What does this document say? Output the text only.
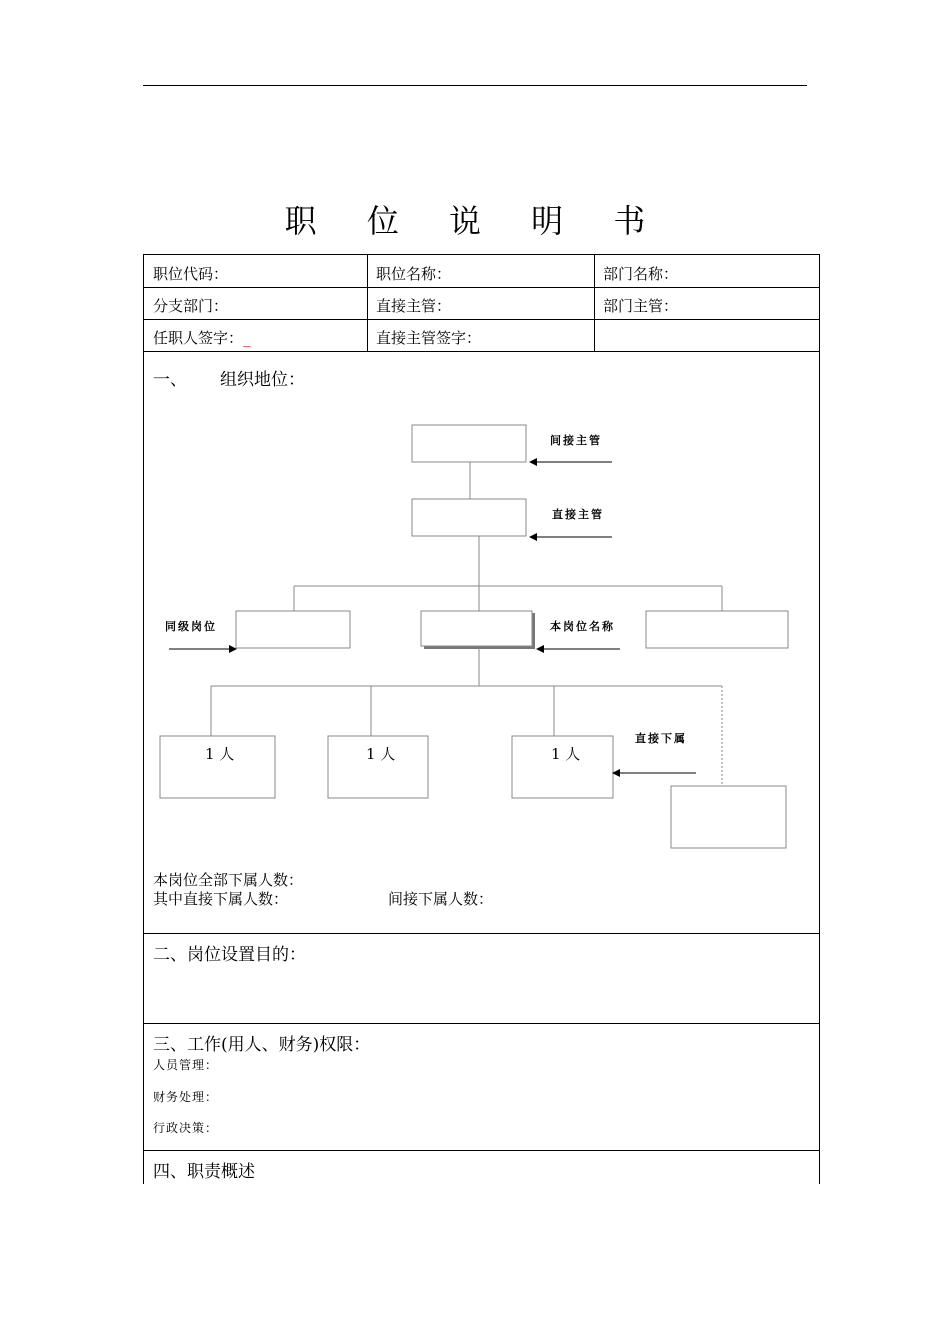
职 位 说 明 书
职位代码：	职位名称：	部门名称：
分支部门：	直接主管：	部门主管：
任职人签字：_	直接主管签字：
一、 组织地位：
间接主管
直接主管
同级岗位	本岗位名称
直接下属
1 人	1 人	1 人
本岗位全部下属人数：
其中直接下属人数：	间接下属人数：
二、岗位设置目的：
三、工作(用人、财务)权限：
人员管理：
财务处理：
行政决策：
四、职责概述
